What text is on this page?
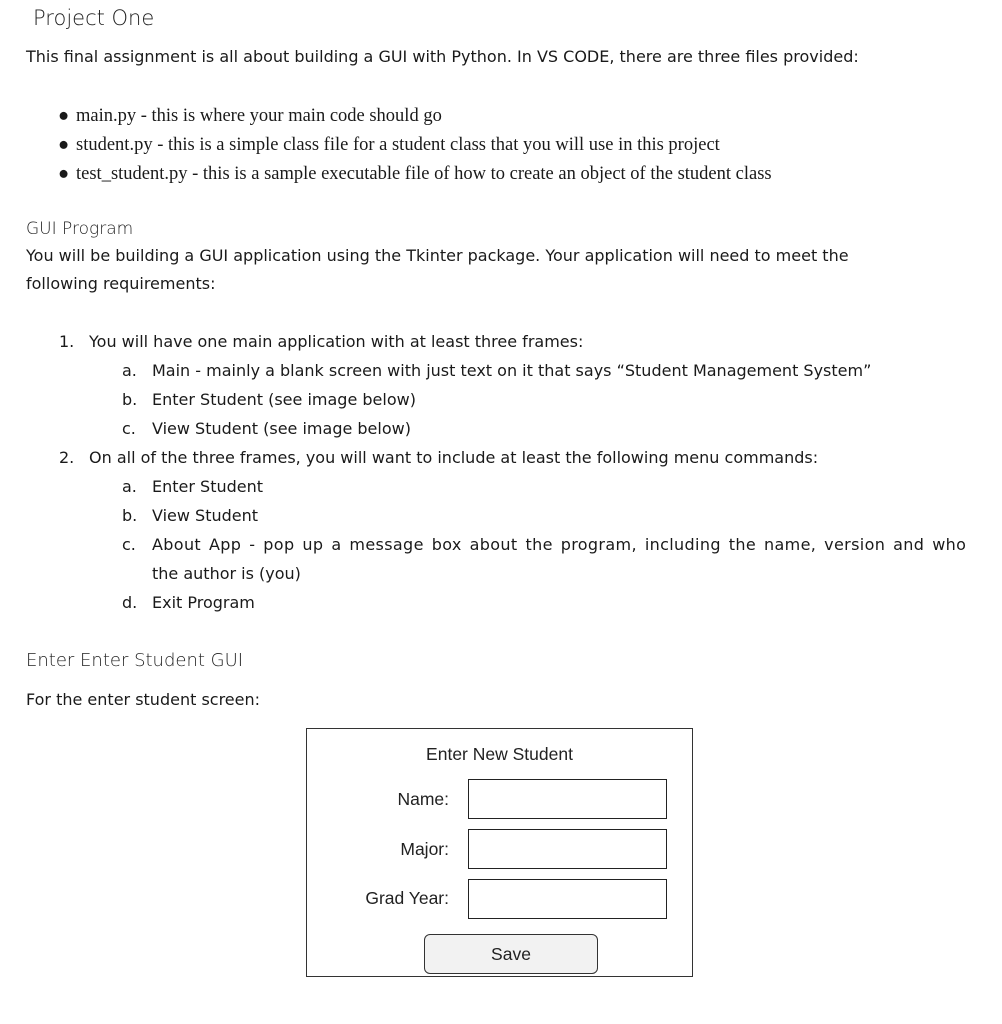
Project One
This final assignment is all about building a GUI with Python. In VS CODE, there are three files provided:
● main.py - this is where your main code should go
● student.py - this is a simple class file for a student class that you will use in this project
● test_student.py - this is a sample executable file of how to create an object of the student class
GUI Program
You will be building a GUI application using the Tkinter package. Your application will need to meet the
following requirements:
1. You will have one main application with at least three frames:
a. Main - mainly a blank screen with just text on it that says “Student Management System”
b. Enter Student (see image below)
c. View Student (see image below)
2. On all of the three frames, you will want to include at least the following menu commands:
a. Enter Student
b. View Student
c. About App - pop up a message box about the program, including the name, version and who
the author is (you)
d. Exit Program
Enter Enter Student GUI
For the enter student screen:
Enter New Student
Name:
Major:
Grad Year:
Save
